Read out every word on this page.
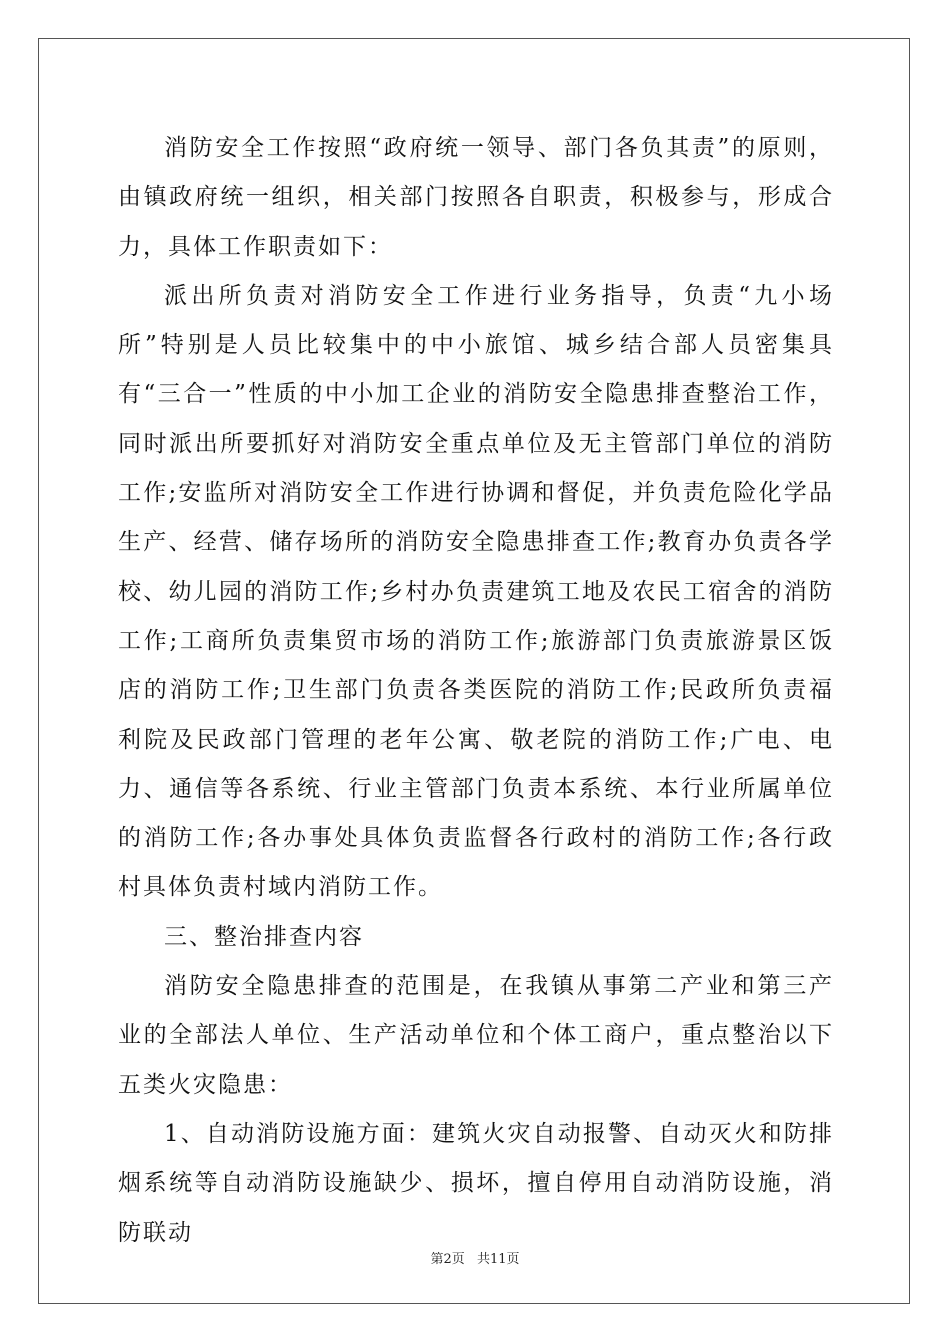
消防安全工作按照“政府统一领导、部门各负其责”的原则，由镇政府统一组织，相关部门按照各自职责，积极参与，形成合力，具体工作职责如下：

派出所负责对消防安全工作进行业务指导，负责“九小场所”特别是人员比较集中的中小旅馆、城乡结合部人员密集具有“三合一”性质的中小加工企业的消防安全隐患排查整治工作，同时派出所要抓好对消防安全重点单位及无主管部门单位的消防工作;安监所对消防安全工作进行协调和督促，并负责危险化学品生产、经营、储存场所的消防安全隐患排查工作;教育办负责各学校、幼儿园的消防工作;乡村办负责建筑工地及农民工宿舍的消防工作;工商所负责集贸市场的消防工作;旅游部门负责旅游景区饭店的消防工作;卫生部门负责各类医院的消防工作;民政所负责福利院及民政部门管理的老年公寓、敬老院的消防工作;广电、电力、通信等各系统、行业主管部门负责本系统、本行业所属单位的消防工作;各办事处具体负责监督各行政村的消防工作;各行政村具体负责村域内消防工作。

三、整治排查内容

消防安全隐患排查的范围是，在我镇从事第二产业和第三产业的全部法人单位、生产活动单位和个体工商户，重点整治以下五类火灾隐患：

1、自动消防设施方面：建筑火灾自动报警、自动灭火和防排烟系统等自动消防设施缺少、损坏，擅自停用自动消防设施，消防联动

第2页 共11页
